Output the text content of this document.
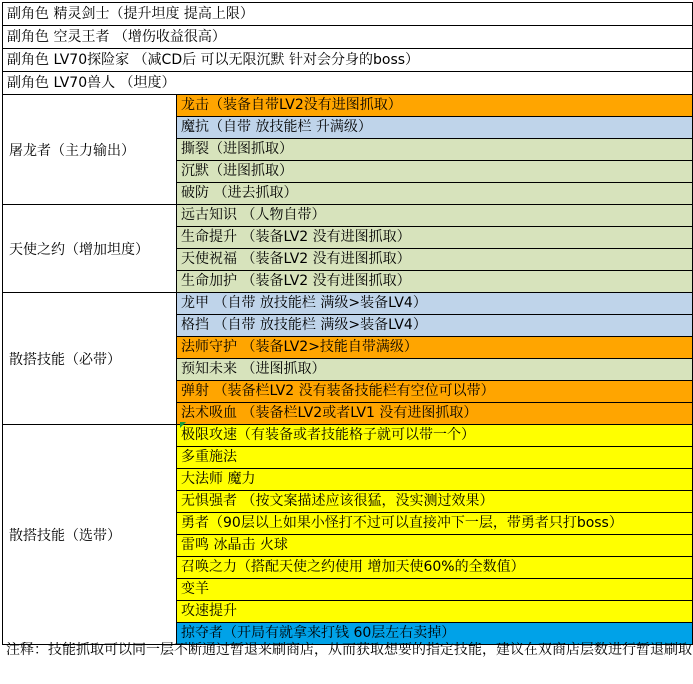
副角色 精灵剑士（提升坦度 提高上限）
副角色 空灵王者 （增伤收益很高）
副角色 LV70探险家 （减CD后 可以无限沉默 针对会分身的boss）
副角色 LV70兽人 （坦度）
屠龙者（主力输出）
龙击（装备自带LV2没有进图抓取）
魔抗（自带 放技能栏 升满级）
撕裂（进图抓取）
沉默（进图抓取）
破防 （进去抓取）
天使之约（增加坦度）
远古知识 （人物自带）
生命提升 （装备LV2 没有进图抓取）
天使祝福 （装备LV2 没有进图抓取）
生命加护 （装备LV2 没有进图抓取）
散搭技能（必带）
龙甲 （自带 放技能栏 满级>装备LV4）
格挡 （自带 放技能栏 满级>装备LV4）
法师守护 （装备LV2>技能自带满级）
预知未来 （进图抓取）
弹射 （装备栏LV2 没有装备技能栏有空位可以带）
法术吸血 （装备栏LV2或者LV1 没有进图抓取）
散搭技能（选带）
极限攻速（有装备或者技能格子就可以带一个）
多重施法
大法师 魔力
无惧强者 （按文案描述应该很猛，没实测过效果）
勇者（90层以上如果小怪打不过可以直接冲下一层，带勇者只打boss）
雷鸣 冰晶击 火球
召唤之力（搭配天使之约使用 增加天使60%的全数值）
变羊
攻速提升
掠夺者（开局有就拿来打钱 60层左右卖掉）
注释：技能抓取可以同一层不断通过暂退来刷商店，从而获取想要的指定技能，建议在双商店层数进行暂退刷取
